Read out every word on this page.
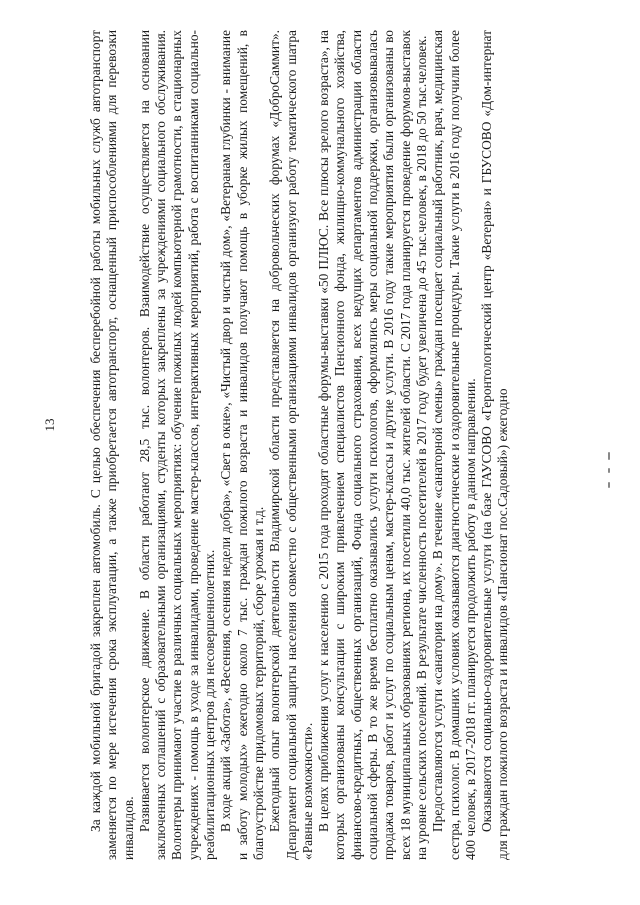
13 За каждой мобильной бригадой закреплен автомобиль. С целью обеспечения бесперебойной работы мобильных служб автотранспорт заменяется по мере истечения срока эксплуатации, а также приобретается автотранспорт, оснащенный приспособлениями для перевозки инвалидов. Развивается волонтерское движение. В области работают 28,5 тыс. волонтеров. Взаимодействие осуществляется на основании заключенных соглашений с образовательными организациями, студенты которых закреплены за учреждениями социального обслуживания. Волонтеры принимают участие в различных социальных мероприятиях: обучение пожилых людей компьютерной грамотности, в стационарных учреждениях - помощь в уходе за инвалидами, проведение мастер-классов, интерактивных мероприятий, работа с воспитанниками социально-реабилитационных центров для несовершеннолетних. В ходе акций «Забота», «Весенняя, осенняя недели добра», «Свет в окне», «Чистый двор и чистый дом», «Ветеранам глубинки - внимание и заботу молодых» ежегодно около 7 тыс. граждан пожилого возраста и инвалидов получают помощь в уборке жилых помещений, в благоустройстве придомовых территорий, сборе урожая и т.д. Ежегодный опыт волонтерской деятельности Владимирской области представляется на добровольческих форумах «ДоброСаммит». Департамент социальной защиты населения совместно с общественными организациями инвалидов организуют работу тематического шатра «Равные возможности». В целях приближения услуг к населению с 2015 года проходят областные форумы-выставки «50 ПЛЮС. Все плюсы зрелого возраста», на которых организованы консультации с широким привлечением специалистов Пенсионного фонда, жилищно-коммунального хозяйства, финансово-кредитных, общественных организаций, Фонда социального страхования, всех ведущих департаментов администрации области социальной сферы. В то же время бесплатно оказывались услуги психологов, оформлялись меры социальной поддержки, организовывалась продажа товаров, работ и услуг по социальным ценам, мастер-классы и другие услуги. В 2016 году такие мероприятия были организованы во всех 18 муниципальных образованиях региона, их посетили 40,0 тыс. жителей области. С 2017 года планируется проведение форумов-выставок на уровне сельских поселений. В результате численность посетителей в 2017 году будет увеличена до 45 тыс.человек, в 2018 до 50 тыс.человек. Предоставляются услуги «санатория на дому». В течение «санаторной смены» граждан посещает социальный работник, врач, медицинская сестра, психолог. В домашних условиях оказываются диагностические и оздоровительные процедуры. Такие услуги в 2016 году получили более 400 человек, в 2017-2018 гг. планируется продолжить работу в данном направлении. Оказываются социально-оздоровительные услуги (на базе ГАУСОВО «Геронтологический центр «Ветеран» и ГБУСОВО «Дом-интернат для граждан пожилого возраста и инвалидов «Пансионат пос.Садовый») ежегодно
